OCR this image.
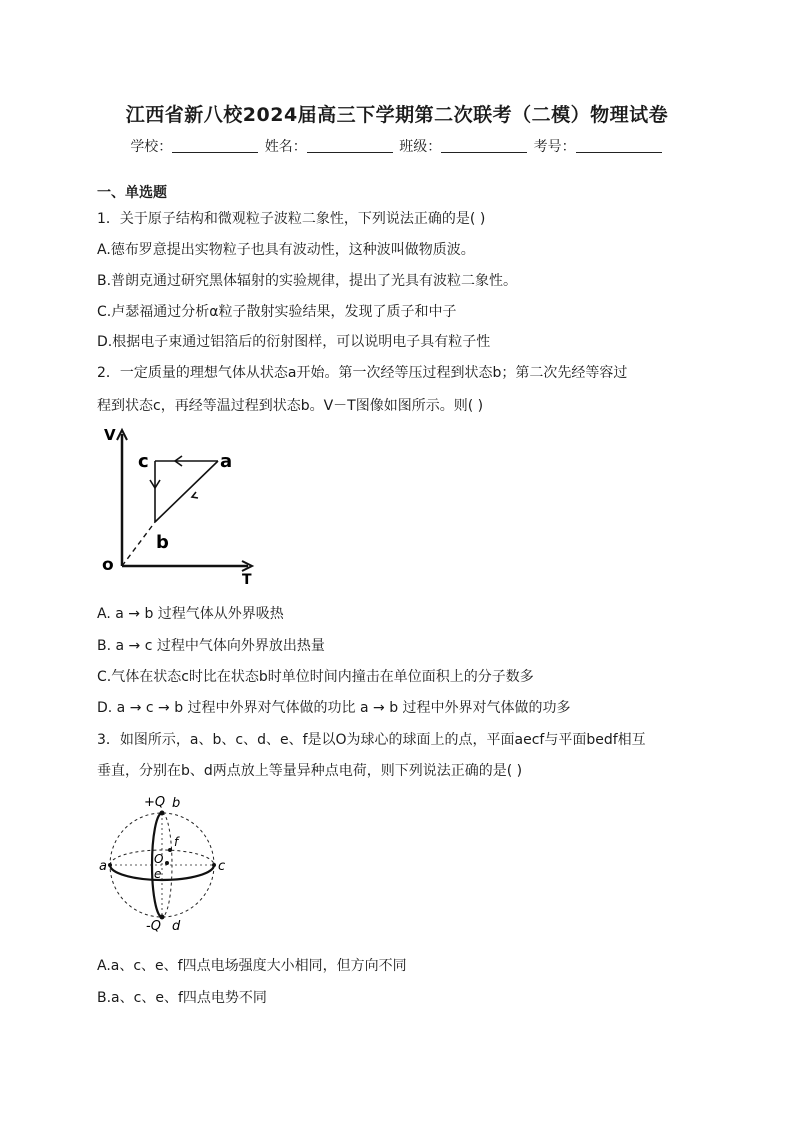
江西省新八校2024届高三下学期第二次联考（二模）物理试卷
学校：	姓名：	班级：	考号：
一、单选题
1．关于原子结构和微观粒子波粒二象性，下列说法正确的是( )
A.德布罗意提出实物粒子也具有波动性，这种波叫做物质波。
B.普朗克通过研究黑体辐射的实验规律，提出了光具有波粒二象性。
C.卢瑟福通过分析α粒子散射实验结果，发现了质子和中子
D.根据电子束通过铝箔后的衍射图样，可以说明电子具有粒子性
2．一定质量的理想气体从状态a开始。第一次经等压过程到状态b；第二次先经等容过
程到状态c，再经等温过程到状态b。V－T图像如图所示。则( )
V
T
o
a
c
b
A. a → b 过程气体从外界吸热
B. a → c 过程中气体向外界放出热量
C.气体在状态c时比在状态b时单位时间内撞击在单位面积上的分子数多
D. a → c → b 过程中外界对气体做的功比 a → b 过程中外界对气体做的功多
3．如图所示，a、b、c、d、e、f是以O为球心的球面上的点，平面aecf与平面bedf相互
垂直，分别在b、d两点放上等量异种点电荷，则下列说法正确的是( )
+Q b
-Q d
a	c
e
f
O
A.a、c、e、f四点电场强度大小相同，但方向不同
B.a、c、e、f四点电势不同
